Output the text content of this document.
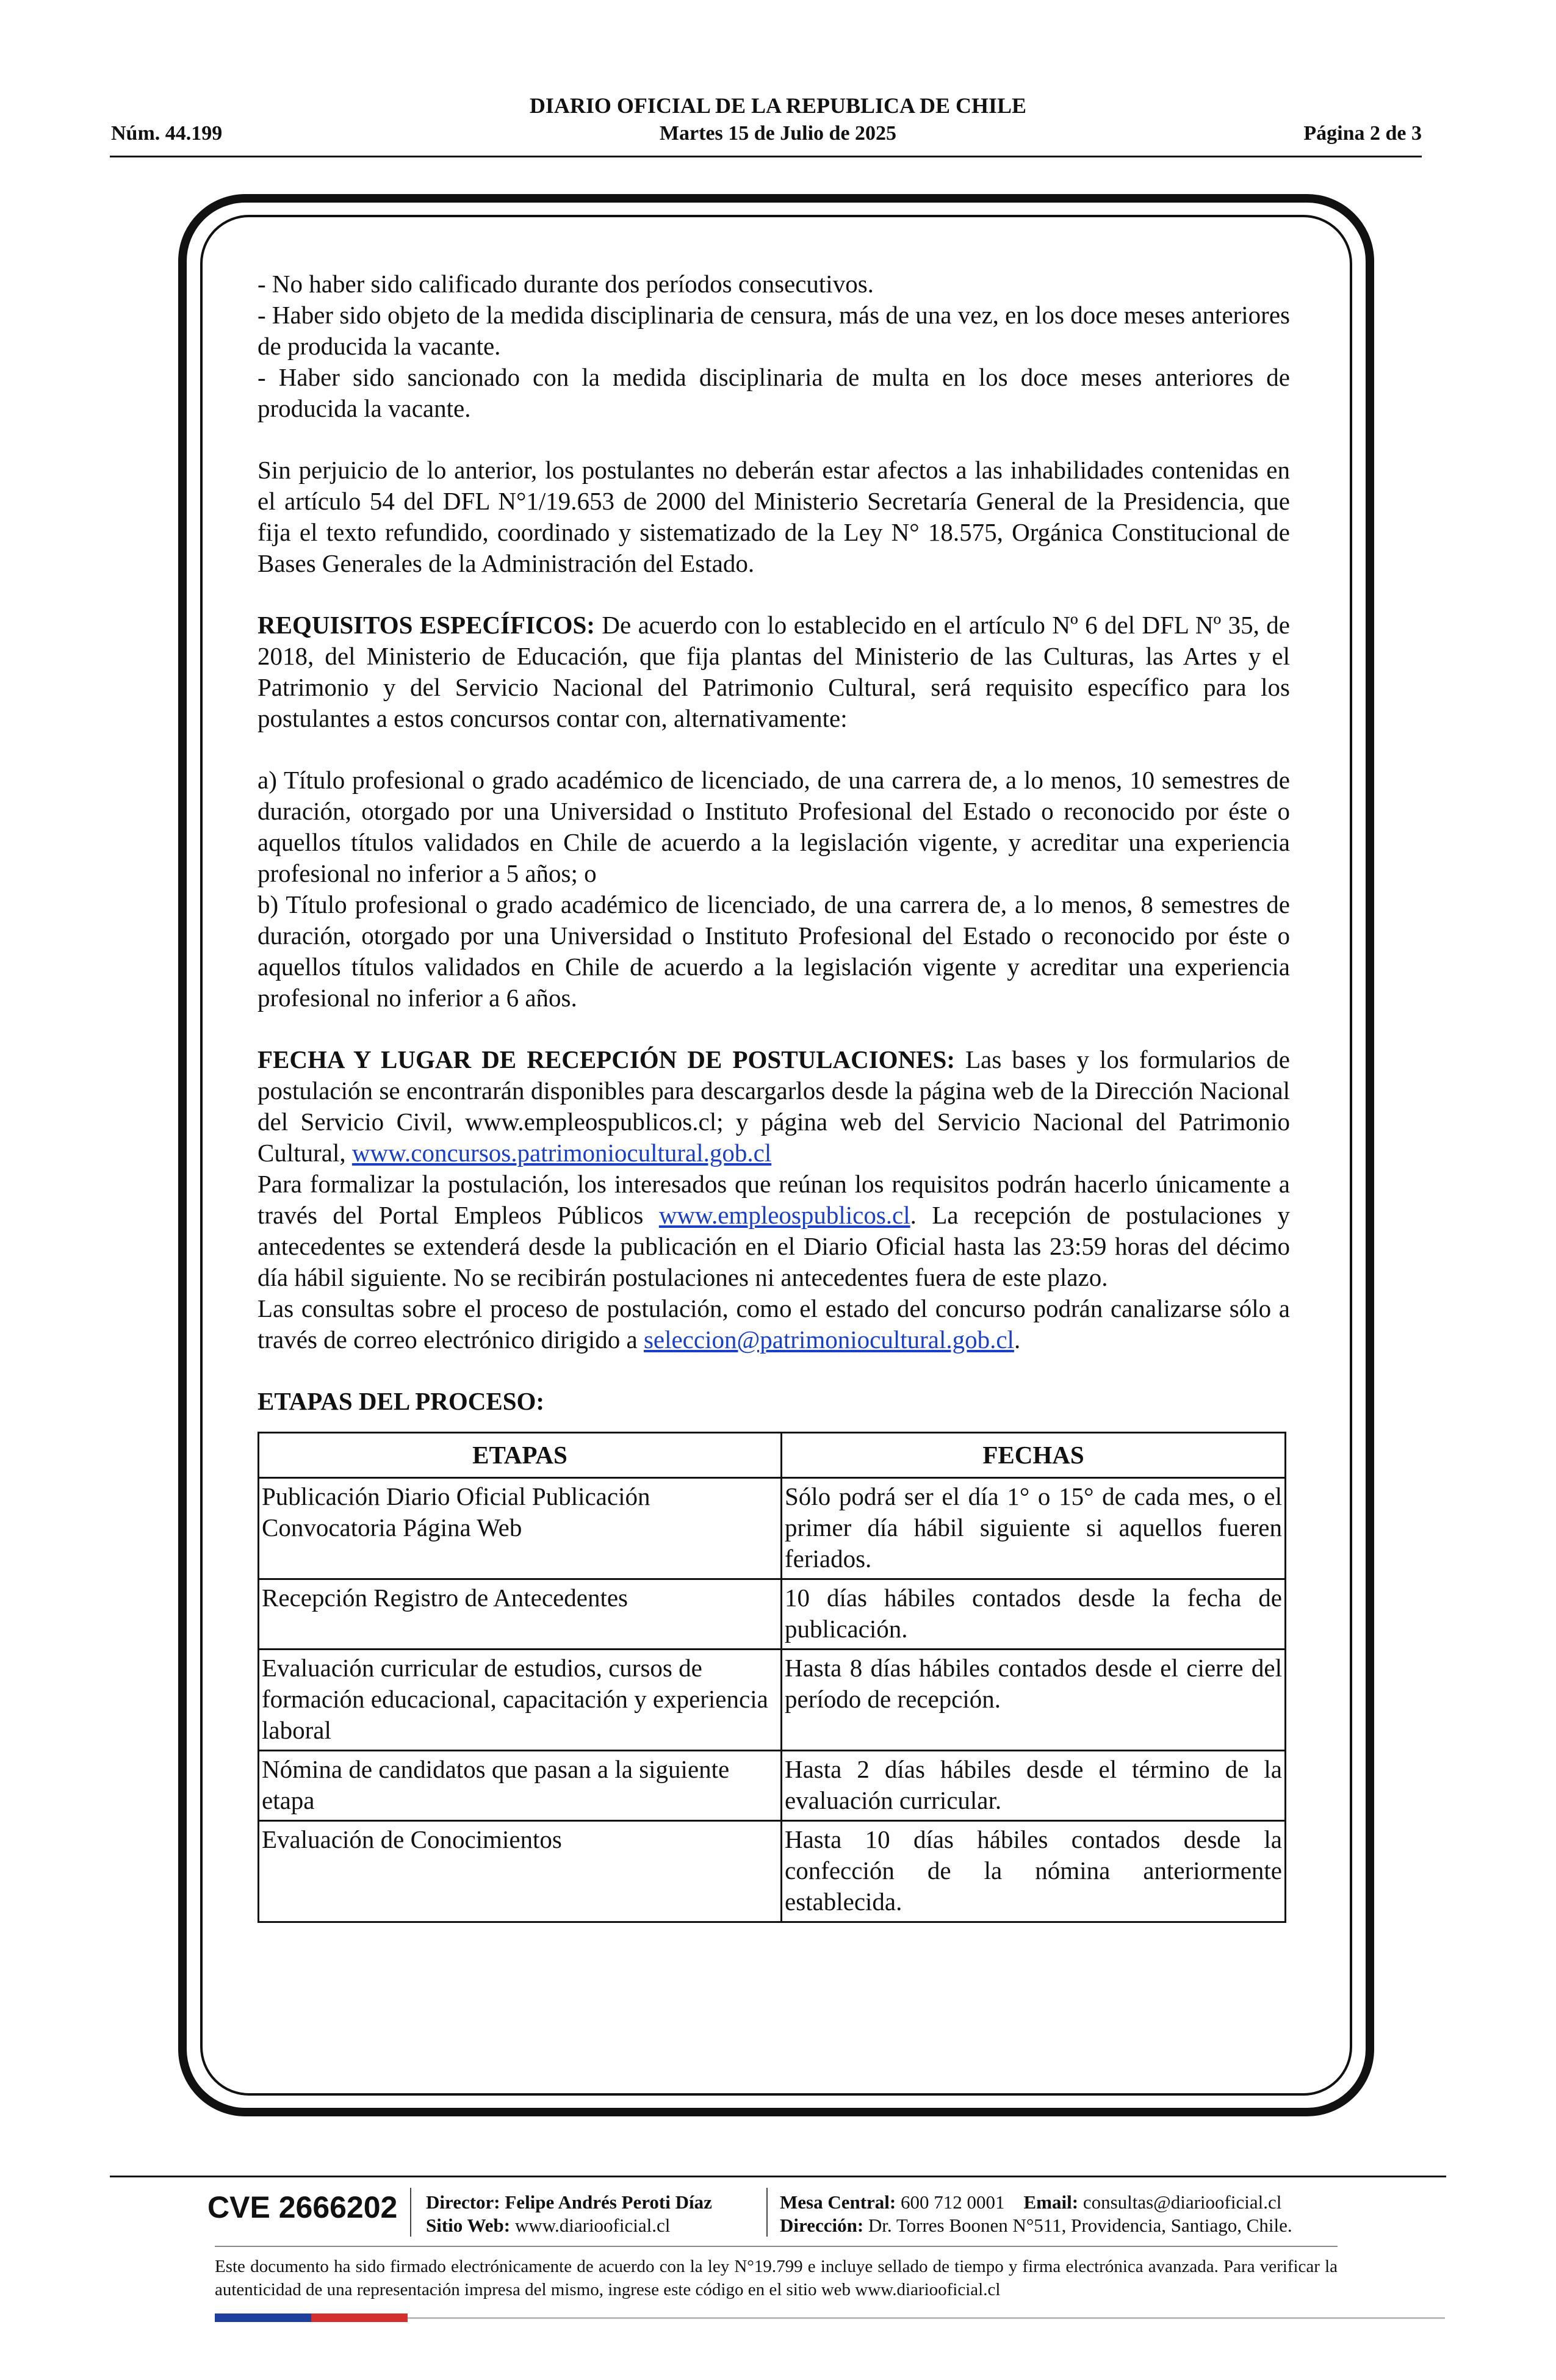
DIARIO OFICIAL DE LA REPUBLICA DE CHILE
Núm. 44.199	Martes 15 de Julio de 2025	Página 2 de 3

- No haber sido calificado durante dos períodos consecutivos.

- Haber sido objeto de la medida disciplinaria de censura, más de una vez, en los doce meses anteriores de producida la vacante.

- Haber sido sancionado con la medida disciplinaria de multa en los doce meses anteriores de producida la vacante.

Sin perjuicio de lo anterior, los postulantes no deberán estar afectos a las inhabilidades contenidas en el artículo 54 del DFL N°1/19.653 de 2000 del Ministerio Secretaría General de la Presidencia, que fija el texto refundido, coordinado y sistematizado de la Ley N° 18.575, Orgánica Constitucional de Bases Generales de la Administración del Estado.

REQUISITOS ESPECÍFICOS: De acuerdo con lo establecido en el artículo Nº 6 del DFL Nº 35, de 2018, del Ministerio de Educación, que fija plantas del Ministerio de las Culturas, las Artes y el Patrimonio y del Servicio Nacional del Patrimonio Cultural, será requisito específico para los postulantes a estos concursos contar con, alternativamente:

a) Título profesional o grado académico de licenciado, de una carrera de, a lo menos, 10 semestres de duración, otorgado por una Universidad o Instituto Profesional del Estado o reconocido por éste o aquellos títulos validados en Chile de acuerdo a la legislación vigente, y acreditar una experiencia profesional no inferior a 5 años; o

b) Título profesional o grado académico de licenciado, de una carrera de, a lo menos, 8 semestres de duración, otorgado por una Universidad o Instituto Profesional del Estado o reconocido por éste o aquellos títulos validados en Chile de acuerdo a la legislación vigente y acreditar una experiencia profesional no inferior a 6 años.

FECHA Y LUGAR DE RECEPCIÓN DE POSTULACIONES: Las bases y los formularios de postulación se encontrarán disponibles para descargarlos desde la página web de la Dirección Nacional del Servicio Civil, www.empleospublicos.cl; y página web del Servicio Nacional del Patrimonio Cultural, www.concursos.patrimoniocultural.gob.cl

Para formalizar la postulación, los interesados que reúnan los requisitos podrán hacerlo únicamente a través del Portal Empleos Públicos www.empleospublicos.cl. La recepción de postulaciones y antecedentes se extenderá desde la publicación en el Diario Oficial hasta las 23:59 horas del décimo día hábil siguiente. No se recibirán postulaciones ni antecedentes fuera de este plazo.

Las consultas sobre el proceso de postulación, como el estado del concurso podrán canalizarse sólo a través de correo electrónico dirigido a seleccion@patrimoniocultural.gob.cl.

ETAPAS DEL PROCESO:

ETAPAS	FECHAS
Publicación Diario Oficial Publicación Convocatoria Página Web	Sólo podrá ser el día 1° o 15° de cada mes, o el primer día hábil siguiente si aquellos fueren feriados.
Recepción Registro de Antecedentes	10 días hábiles contados desde la fecha de publicación.
Evaluación curricular de estudios, cursos de formación educacional, capacitación y experiencia laboral	Hasta 8 días hábiles contados desde el cierre del período de recepción.
Nómina de candidatos que pasan a la siguiente etapa	Hasta 2 días hábiles desde el término de la evaluación curricular.
Evaluación de Conocimientos	Hasta 10 días hábiles contados desde la confección de la nómina anteriormente establecida.
CVE 2666202 Director: Felipe Andrés Peroti Díaz
Sitio Web: www.diariooficial.cl
Mesa Central: 600 712 0001 Email: consultas@diariooficial.cl
Dirección: Dr. Torres Boonen N°511, Providencia, Santiago, Chile.
Este documento ha sido firmado electrónicamente de acuerdo con la ley N°19.799 e incluye sellado de tiempo y firma electrónica avanzada. Para verificar la autenticidad de una representación impresa del mismo, ingrese este código en el sitio web www.diariooficial.cl
